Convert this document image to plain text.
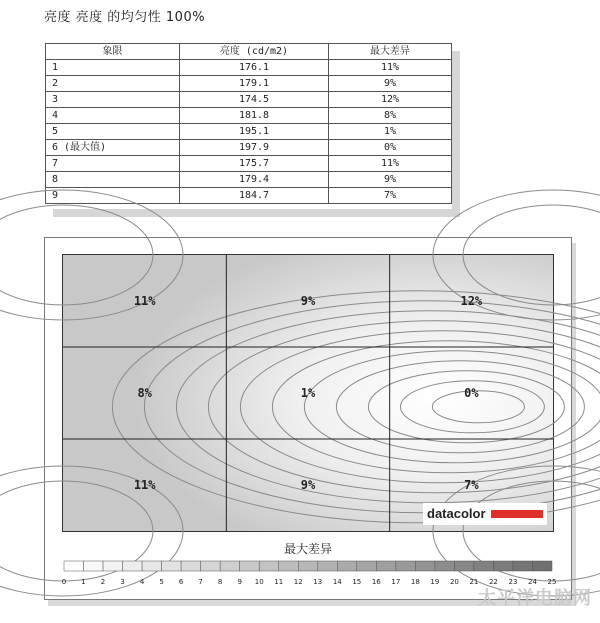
亮度 亮度 的均匀性 100%
象限	亮度 (cd/m2)	最大差异
1	176.1	11%
2	179.1	9%
3	174.5	12%
4	181.8	8%
5	195.1	1%
6 (最大值)	197.9	0%
7	175.7	11%
8	179.4	9%
9	184.7	7%
11%	9%	12%
8%	1%	0%
11%	9%	7%
datacolor
最大差异
0 1 2 3 4 5 6 7 8 9 10 11 12 13 14 15 16 17 18 19 20 21 22 23 24 25
太平洋电脑网
